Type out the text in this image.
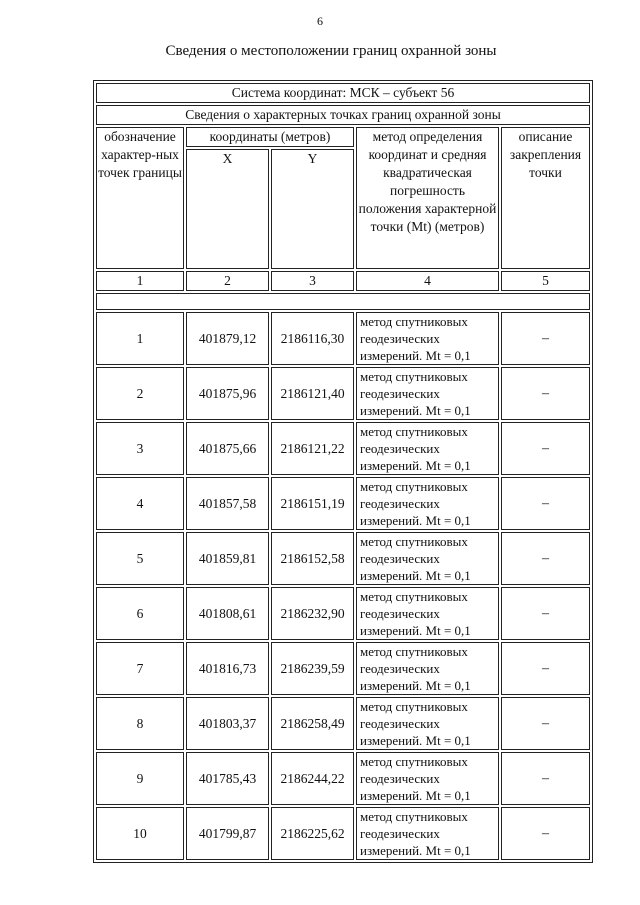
6
Сведения о местоположении границ охранной зоны
Система координат: МСК – субъект 56				
Сведения о характерных точках границ охранной зоны				
обозначение характер-ных точек границы	координаты (метров)		метод определения координат и средняя квадратическая погрешность положения характерной точки (Mt) (метров)	описание закрепления точки
	X	Y		
1	2	3	4	5

1	401879,12	2186116,30	метод спутниковых геодезических измерений. Mt = 0,1	–
2	401875,96	2186121,40	метод спутниковых геодезических измерений. Mt = 0,1	–
3	401875,66	2186121,22	метод спутниковых геодезических измерений. Mt = 0,1	–
4	401857,58	2186151,19	метод спутниковых геодезических измерений. Mt = 0,1	–
5	401859,81	2186152,58	метод спутниковых геодезических измерений. Mt = 0,1	–
6	401808,61	2186232,90	метод спутниковых геодезических измерений. Mt = 0,1	–
7	401816,73	2186239,59	метод спутниковых геодезических измерений. Mt = 0,1	–
8	401803,37	2186258,49	метод спутниковых геодезических измерений. Mt = 0,1	–
9	401785,43	2186244,22	метод спутниковых геодезических измерений. Mt = 0,1	–
10	401799,87	2186225,62	метод спутниковых геодезических измерений. Mt = 0,1	–
